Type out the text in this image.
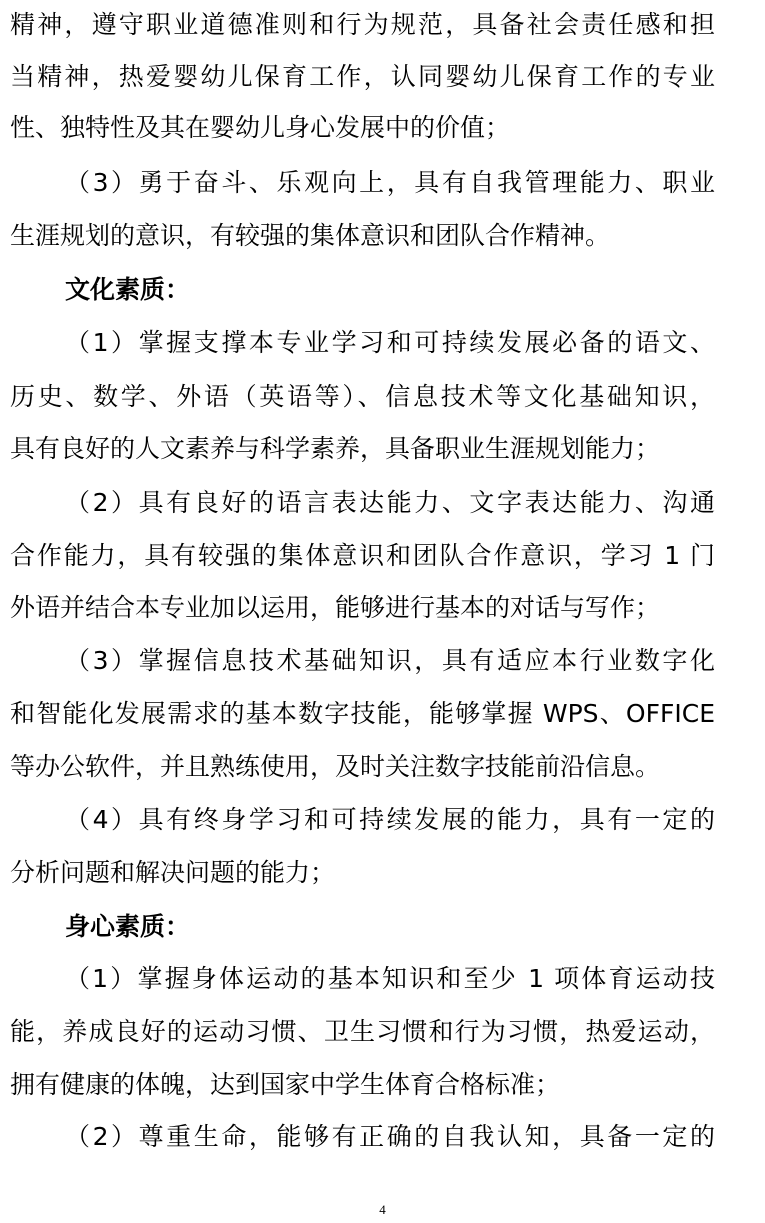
精神，遵守职业道德准则和行为规范，具备社会责任感和担
当精神，热爱婴幼儿保育工作，认同婴幼儿保育工作的专业
性、独特性及其在婴幼儿身心发展中的价值；
（3）勇于奋斗、乐观向上，具有自我管理能力、职业
生涯规划的意识，有较强的集体意识和团队合作精神。
文化素质：
（1）掌握支撑本专业学习和可持续发展必备的语文、
历史、数学、外语（英语等）、信息技术等文化基础知识，
具有良好的人文素养与科学素养，具备职业生涯规划能力；
（2）具有良好的语言表达能力、文字表达能力、沟通
合作能力，具有较强的集体意识和团队合作意识，学习 1 门
外语并结合本专业加以运用，能够进行基本的对话与写作；
（3）掌握信息技术基础知识，具有适应本行业数字化
和智能化发展需求的基本数字技能，能够掌握 WPS、OFFICE
等办公软件，并且熟练使用，及时关注数字技能前沿信息。
（4）具有终身学习和可持续发展的能力，具有一定的
分析问题和解决问题的能力；
身心素质：
（1）掌握身体运动的基本知识和至少 1 项体育运动技
能，养成良好的运动习惯、卫生习惯和行为习惯，热爱运动，
拥有健康的体魄，达到国家中学生体育合格标准；
（2）尊重生命，能够有正确的自我认知，具备一定的
4
